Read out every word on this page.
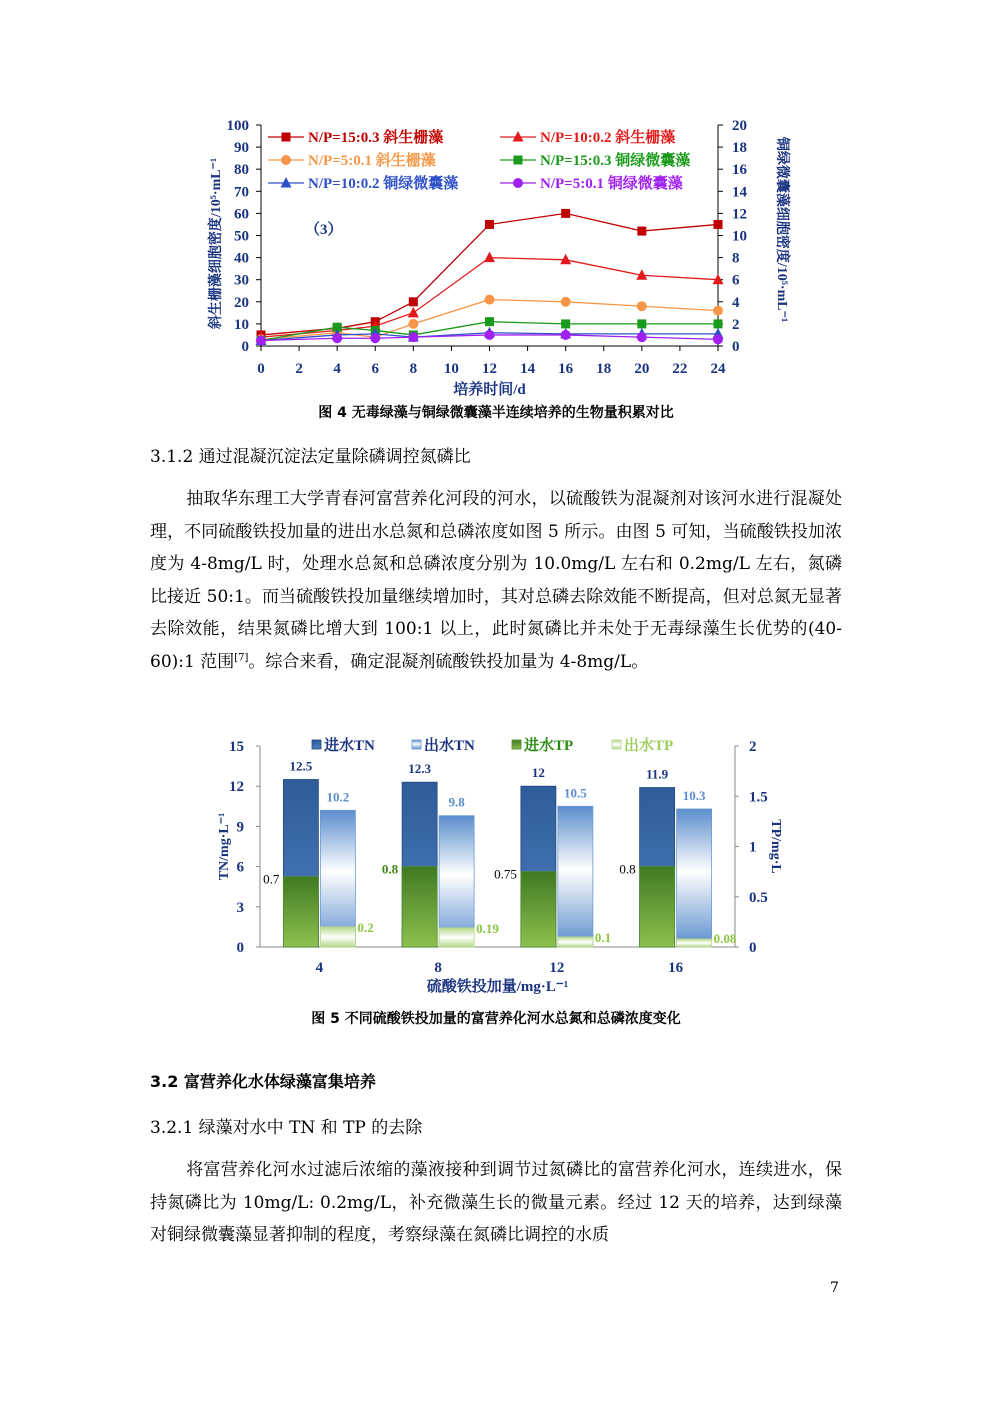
0
10
20
30
40
50
60
70
80
90
100
0
2
4
6
8
10
12
14
16
18
20
0 2 4 6 8 10 12 14 16 18 20 22 24
培养时间/d
斜生栅藻细胞密度/10⁵·mL⁻¹	铜绿微囊藻细胞密度/10⁵·mL⁻¹
（3）
N/P=15:0.3 斜生栅藻	N/P=10:0.2 斜生栅藻
N/P=5:0.1 斜生栅藻	N/P=15:0.3 铜绿微囊藻
N/P=10:0.2 铜绿微囊藻	N/P=5:0.1 铜绿微囊藻
图 4 无毒绿藻与铜绿微囊藻半连续培养的生物量积累对比
3.1.2 通过混凝沉淀法定量除磷调控氮磷比

抽取华东理工大学青春河富营养化河段的河水，以硫酸铁为混凝剂对该河水进行混凝处理，不同硫酸铁投加量的进出水总氮和总磷浓度如图 5 所示。由图 5 可知，当硫酸铁投加浓度为 4-8mg/L 时，处理水总氮和总磷浓度分别为 10.0mg/L 左右和 0.2mg/L 左右，氮磷比接近 50:1。而当硫酸铁投加量继续增加时，其对总磷去除效能不断提高，但对总氮无显著去除效能，结果氮磷比增大到 100:1 以上，此时氮磷比并未处于无毒绿藻生长优势的(40-60):1 范围[7]。综合来看，确定混凝剂硫酸铁投加量为 4-8mg/L。

0
3
6
9
12
15
0
0.5
1
1.5
2
TN/mg·L⁻¹	TP/mg·L
硫酸铁投加量/mg·L⁻¹
4
12.5
10.2
0.7
0.2
8
12.3
9.8
0.8
0.19
12
12
10.5
0.75
0.1
16
11.9
10.3
0.8
0.08
进水TN	出水TN	进水TP	出水TP
图 5 不同硫酸铁投加量的富营养化河水总氮和总磷浓度变化
3.2 富营养化水体绿藻富集培养
3.2.1 绿藻对水中 TN 和 TP 的去除

将富营养化河水过滤后浓缩的藻液接种到调节过氮磷比的富营养化河水，连续进水，保持氮磷比为 10mg/L: 0.2mg/L，补充微藻生长的微量元素。经过 12 天的培养，达到绿藻对铜绿微囊藻显著抑制的程度，考察绿藻在氮磷比调控的水质

7
